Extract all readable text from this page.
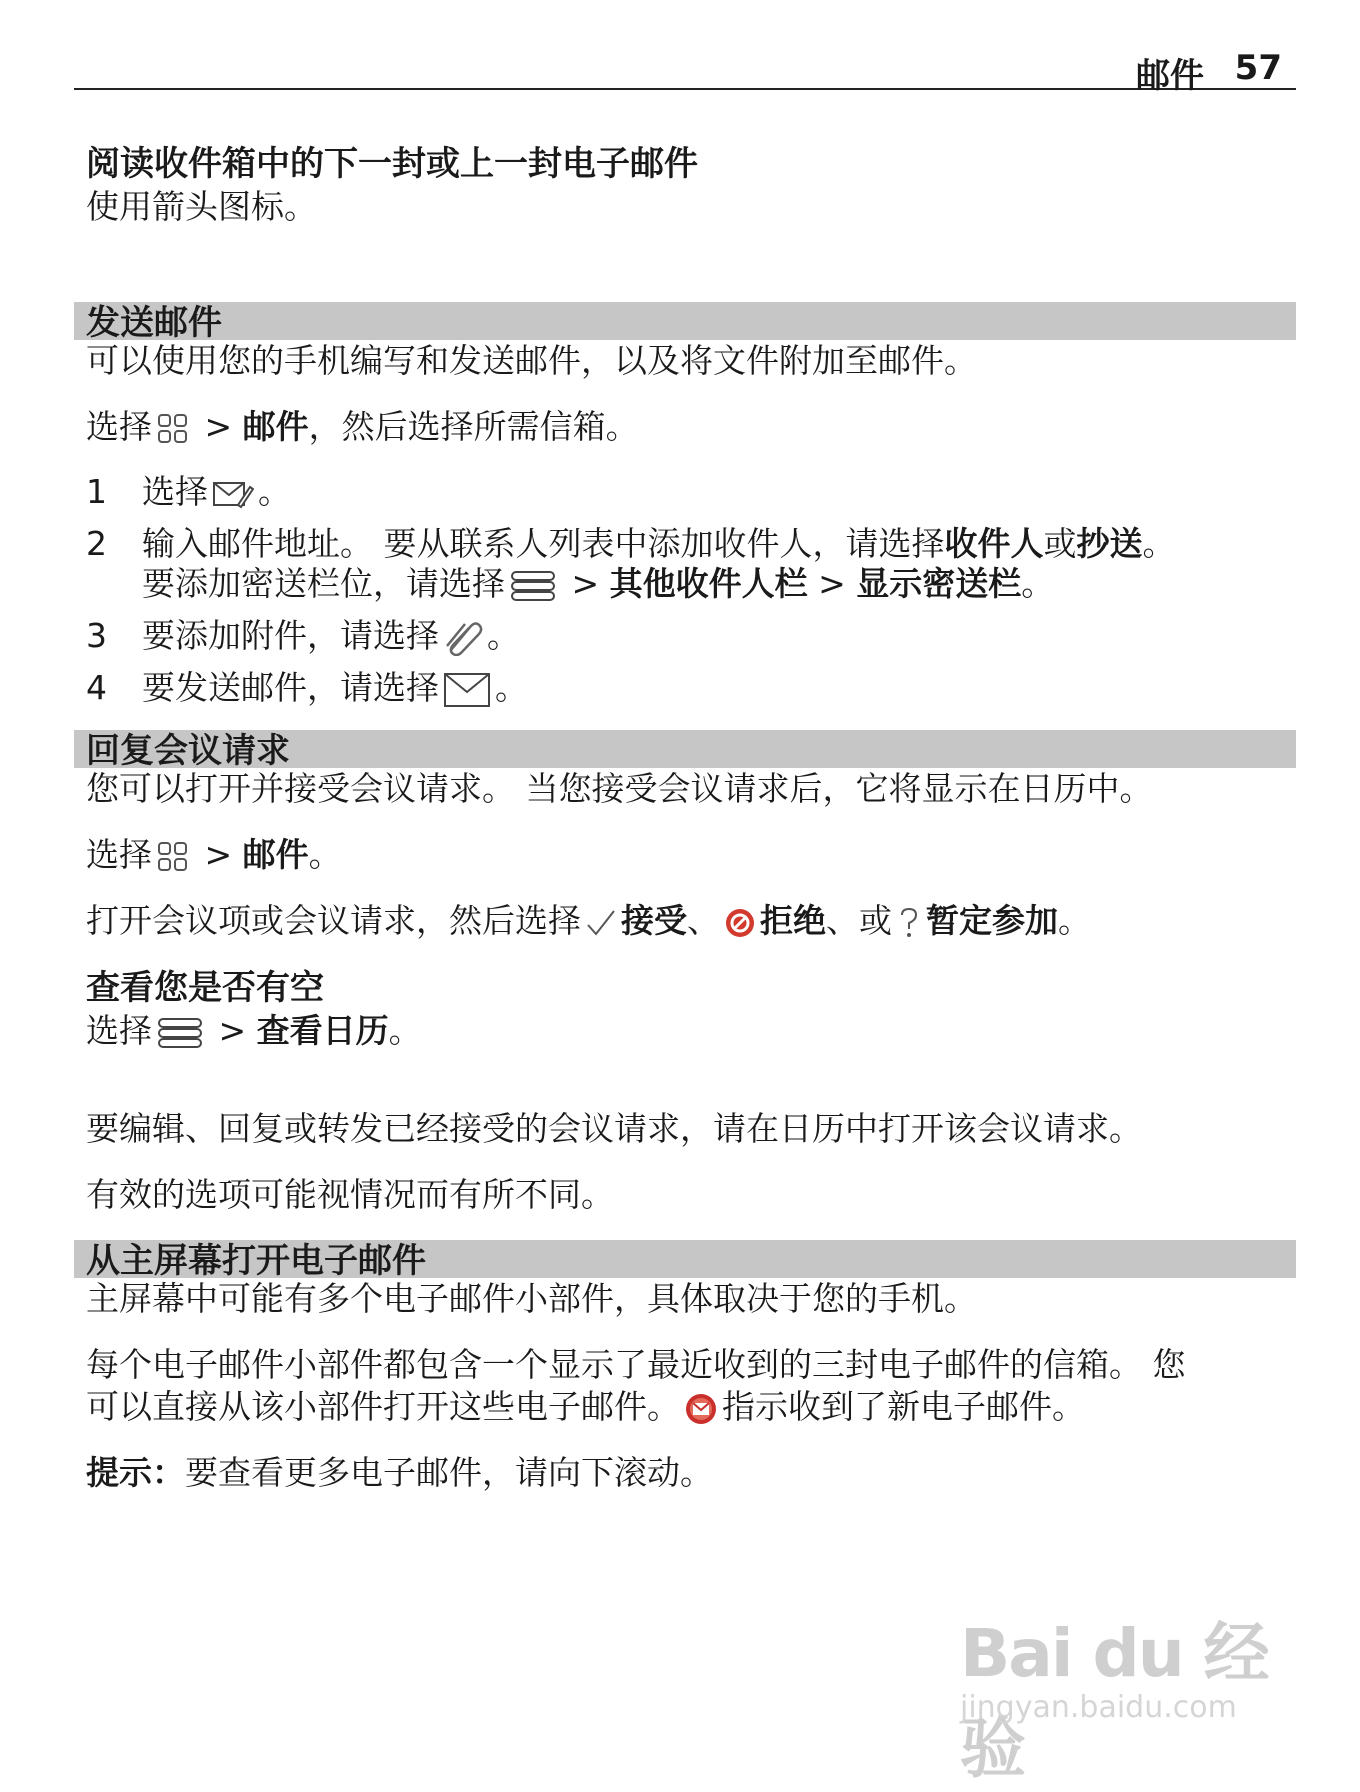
邮件 57
阅读收件箱中的下一封或上一封电子邮件

使用箭头图标。

发送邮件

可以使用您的手机编写和发送邮件，以及将文件附加至邮件。

选择
> 邮件，然后选择所需信箱。

1 选择 。
2 输入邮件地址。 要从联系人列表中添加收件人，请选择收件人或抄送。
要添加密送栏位，请选择
> 其他收件人栏 > 显示密送栏。
3 要添加附件，请选择 。
4 要发送邮件，请选择 。
回复会议请求

您可以打开并接受会议请求。 当您接受会议请求后，它将显示在日历中。

选择
> 邮件。

打开会议项或会议请求，然后选择 接受、 拒绝、或 暂定参加。

查看您是否有空

选择
> 查看日历。

要编辑、回复或转发已经接受的会议请求，请在日历中打开该会议请求。

有效的选项可能视情况而有所不同。

从主屏幕打开电子邮件

主屏幕中可能有多个电子邮件小部件，具体取决于您的手机。

每个电子邮件小部件都包含一个显示了最近收到的三封电子邮件的信箱。 您
可以直接从该小部件打开这些电子邮件。 指示收到了新电子邮件。

提示：要查看更多电子邮件，请向下滚动。

Bai du 经验
jingyan.baidu.com
